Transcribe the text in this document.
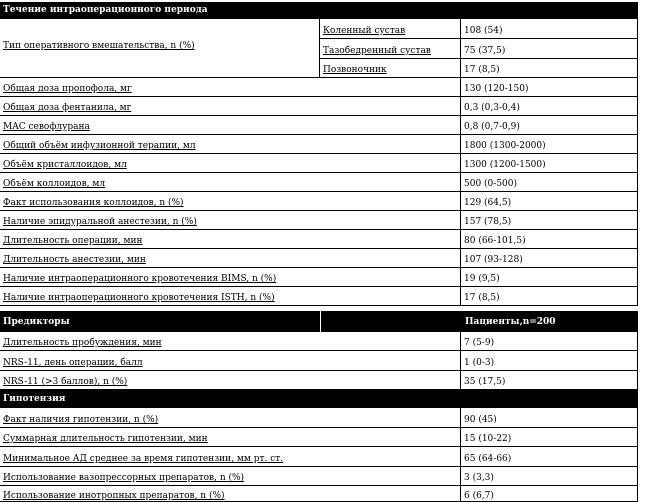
Течение интраоперационного периода
Тип оперативного вмешательства, n (%)
Коленный сустав	108 (54)
Тазобедренный сустав	75 (37,5)
Позвоночник	17 (8,5)
Общая доза пропофола, мг	130 (120-150)
Общая доза фентанила, мг	0,3 (0,3-0,4)
MAC севофлурана	0,8 (0,7-0,9)
Общий объём инфузионной терапии, мл	1800 (1300-2000)
Объём кристаллоидов, мл	1300 (1200-1500)
Объём коллоидов, мл	500 (0-500)
Факт использования коллоидов, n (%)	129 (64,5)
Наличие эпидуральной анестезии, n (%)	157 (78,5)
Длительность операции, мин	80 (66-101,5)
Длительность анестезии, мин	107 (93-128)
Наличие интраоперационного кровотечения BIMS, n (%)	19 (9,5)
Наличие интраоперационного кровотечения ISTH, n (%)	17 (8,5)
Предикторы	Пациенты,n=200
Длительность пробуждения, мин	7 (5-9)
NRS-11, день операции, балл	1 (0-3)
NRS-11 (>3 баллов), n (%)	35 (17,5)
Гипотензия
Факт наличия гипотензии, n (%)	90 (45)
Суммарная длительность гипотензии, мин	15 (10-22)
Минимальное АД среднее за время гипотензии, мм рт. ст.	65 (64-66)
Использование вазопрессорных препаратов, n (%)	3 (3,3)
Использование инотропных препаратов, n (%)	6 (6,7)
